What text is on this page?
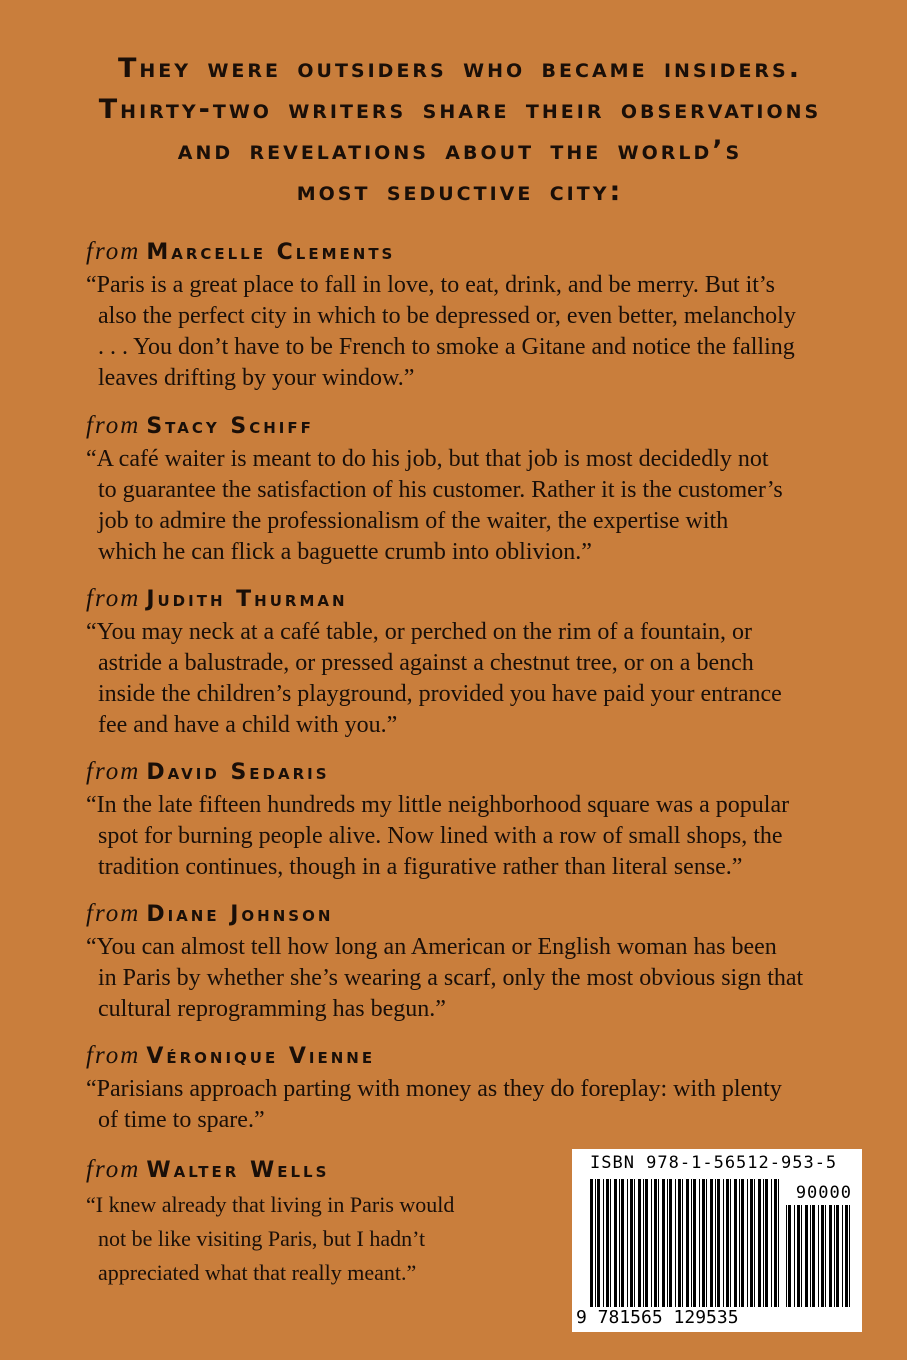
They were outsiders who became insiders.
Thirty-two writers share their observations
and revelations about the world’s
most seductive city:
from Marcelle Clements
“Paris is a great place to fall in love, to eat, drink, and be merry. But it’s
also the perfect city in which to be depressed or, even better, melancholy
. . . You don’t have to be French to smoke a Gitane and notice the falling
leaves drifting by your window.”
from Stacy Schiff
“A café waiter is meant to do his job, but that job is most decidedly not
to guarantee the satisfaction of his customer. Rather it is the customer’s
job to admire the professionalism of the waiter, the expertise with
which he can flick a baguette crumb into oblivion.”
from Judith Thurman
“You may neck at a café table, or perched on the rim of a fountain, or
astride a balustrade, or pressed against a chestnut tree, or on a bench
inside the children’s playground, provided you have paid your entrance
fee and have a child with you.”
from David Sedaris
“In the late fifteen hundreds my little neighborhood square was a popular
spot for burning people alive. Now lined with a row of small shops, the
tradition continues, though in a figurative rather than literal sense.”
from Diane Johnson
“You can almost tell how long an American or English woman has been
in Paris by whether she’s wearing a scarf, only the most obvious sign that
cultural reprogramming has begun.”
from Véronique Vienne
“Parisians approach parting with money as they do foreplay: with plenty
of time to spare.”
from Walter Wells
“I knew already that living in Paris would
not be like visiting Paris, but I hadn’t
appreciated what that really meant.”
ISBN 978-1-56512-953-5
90000
9 781565 129535
